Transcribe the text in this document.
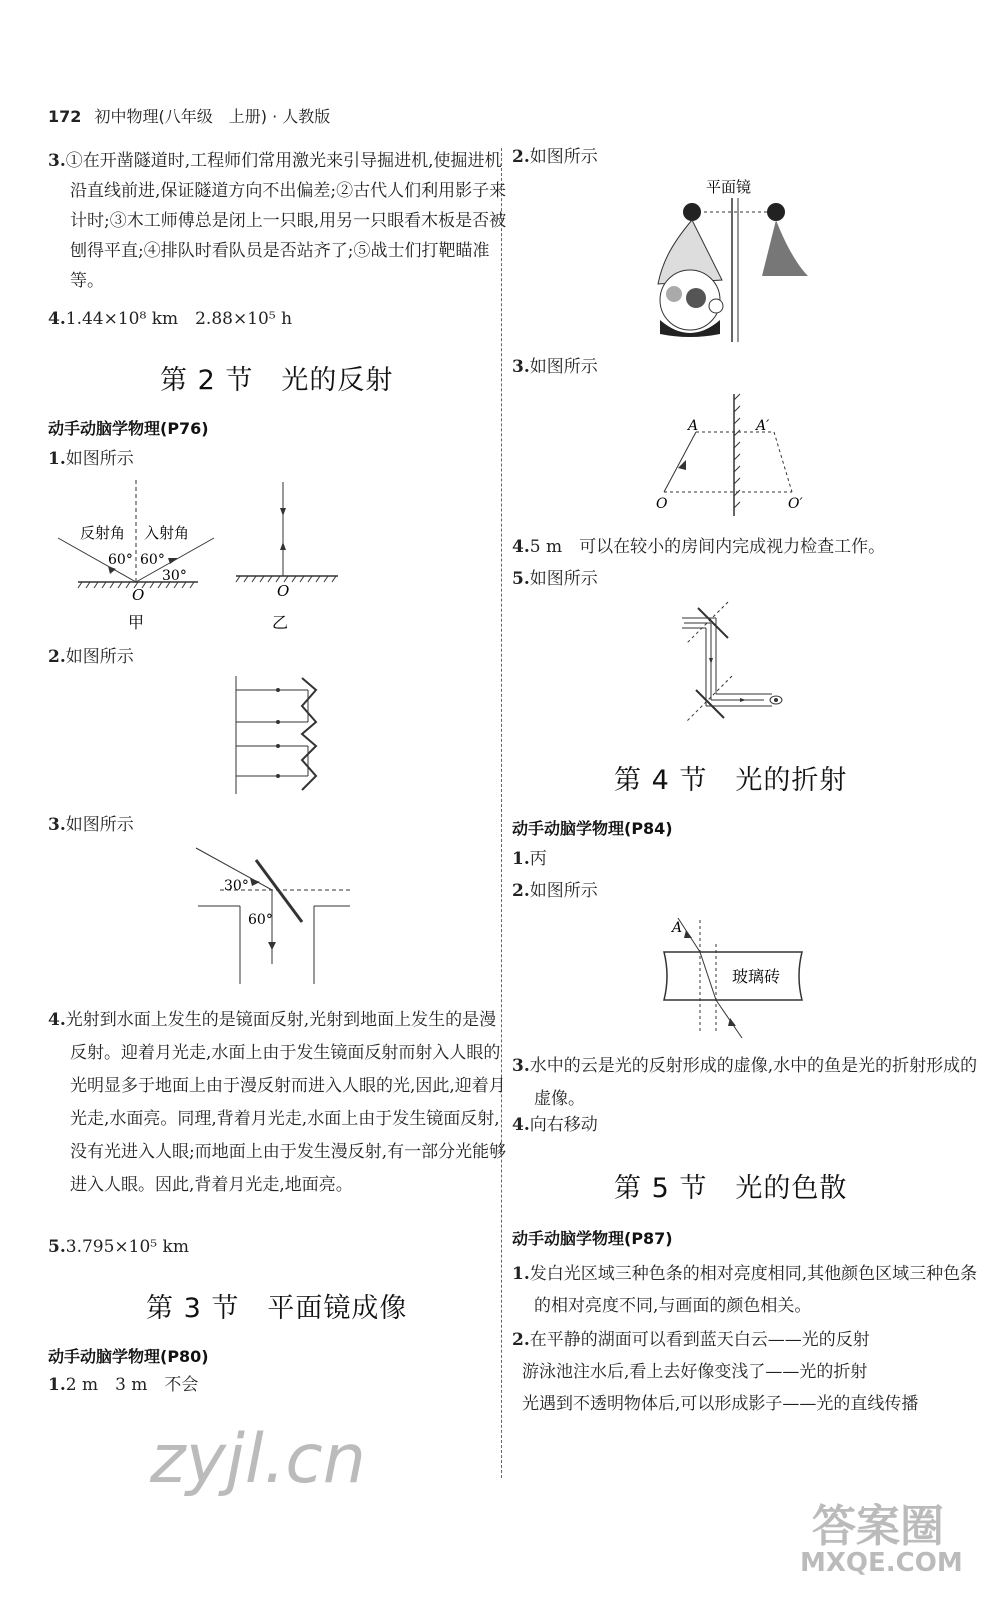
172 初中物理(八年级　上册) · 人教版
3.①在开凿隧道时,工程师们常用激光来引导掘进机,使掘进机沿直线前进,保证隧道方向不出偏差;②古代人们利用影子来计时;③木工师傅总是闭上一只眼,用另一只眼看木板是否被刨得平直;④排队时看队员是否站齐了;⑤战士们打靶瞄准等。
4.1.44×10⁸ km　2.88×10⁵ h
第 2 节　光的反射
动手动脑学物理(P76)
1.如图所示
反射角 入射角
60° 60°
30°
O
甲
O
乙
2.如图所示
3.如图所示
30°
60°
4.光射到水面上发生的是镜面反射,光射到地面上发生的是漫反射。迎着月光走,水面上由于发生镜面反射而射入人眼的光明显多于地面上由于漫反射而进入人眼的光,因此,迎着月光走,水面亮。同理,背着月光走,水面上由于发生镜面反射,没有光进入人眼;而地面上由于发生漫反射,有一部分光能够进入人眼。因此,背着月光走,地面亮。
5.3.795×10⁵ km
第 3 节　平面镜成像
动手动脑学物理(P80)
1.2 m　3 m　不会
zyjl.cn
2.如图所示
平面镜
3.如图所示
A	A′
O	O′
4.5 m　可以在较小的房间内完成视力检查工作。
5.如图所示
第 4 节　光的折射
动手动脑学物理(P84)
1.丙
2.如图所示
A
玻璃砖
3.水中的云是光的反射形成的虚像,水中的鱼是光的折射形成的虚像。
4.向右移动
第 5 节　光的色散
动手动脑学物理(P87)
1.发白光区域三种色条的相对亮度相同,其他颜色区域三种色条的相对亮度不同,与画面的颜色相关。
2.在平静的湖面可以看到蓝天白云——光的反射
游泳池注水后,看上去好像变浅了——光的折射
光遇到不透明物体后,可以形成影子——光的直线传播
答案圈
MXQE.COM
